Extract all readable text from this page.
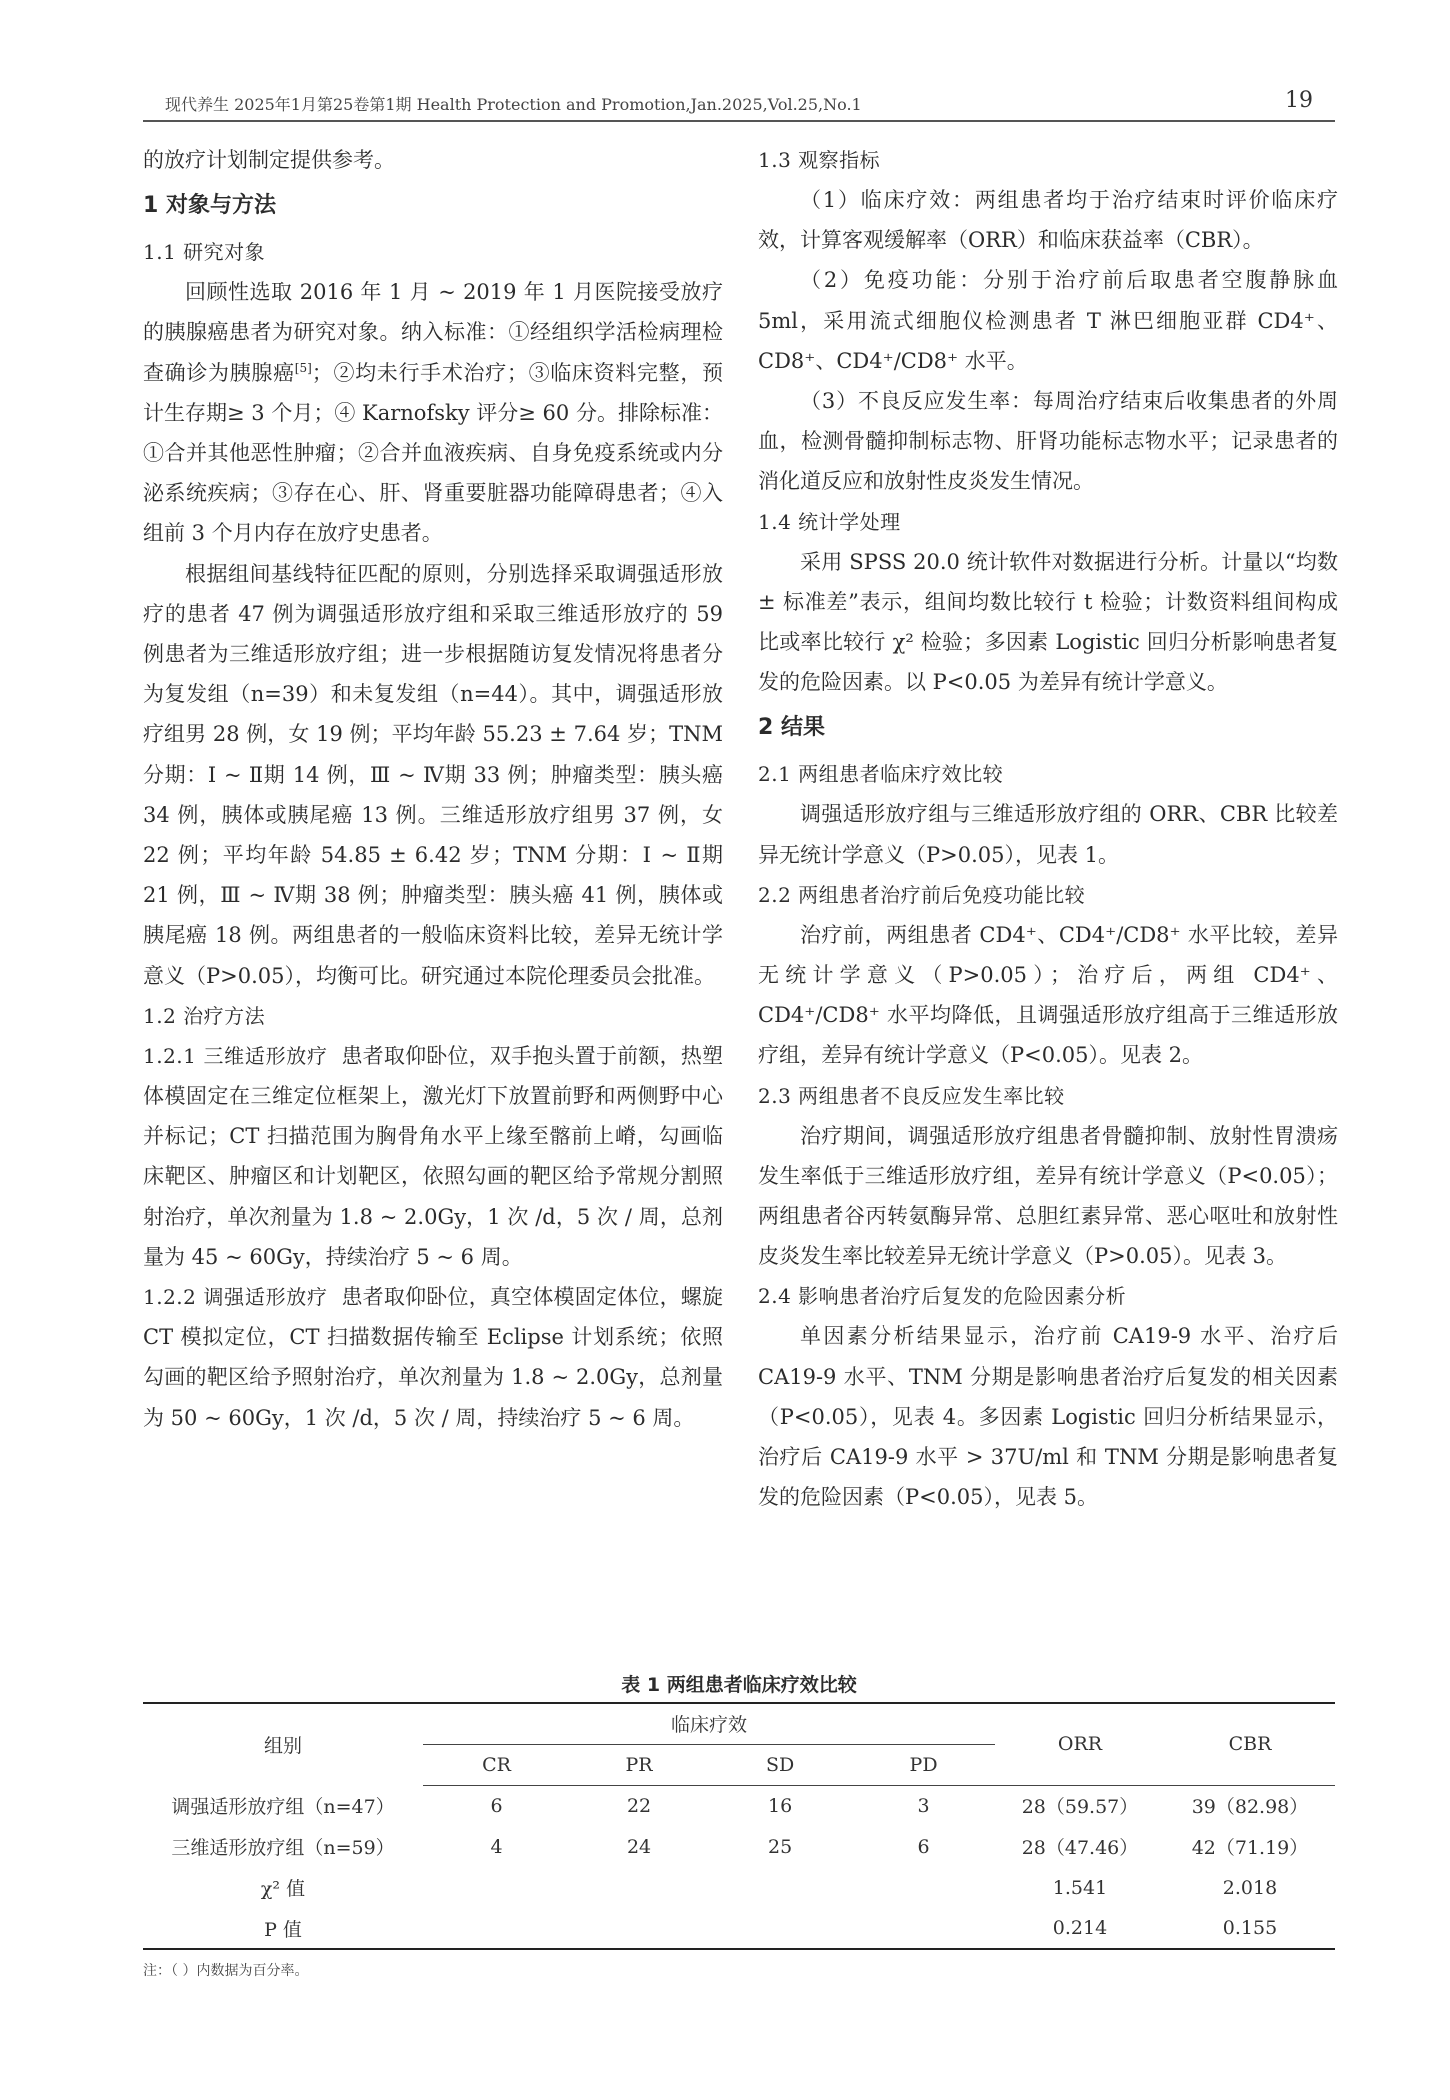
现代养生 2025年1月第25卷第1期 Health Protection and Promotion,Jan.2025,Vol.25,No.1	19

的放疗计划制定提供参考。

1 对象与方法
1.1 研究对象

回顾性选取 2016 年 1 月 ~ 2019 年 1 月医院接受放疗的胰腺癌患者为研究对象。纳入标准：①经组织学活检病理检查确诊为胰腺癌[5]；②均未行手术治疗；③临床资料完整，预计生存期≥ 3 个月；④ Karnofsky 评分≥ 60 分。排除标准：①合并其他恶性肿瘤；②合并血液疾病、自身免疫系统或内分泌系统疾病；③存在心、肝、肾重要脏器功能障碍患者；④入组前 3 个月内存在放疗史患者。

根据组间基线特征匹配的原则，分别选择采取调强适形放疗的患者 47 例为调强适形放疗组和采取三维适形放疗的 59 例患者为三维适形放疗组；进一步根据随访复发情况将患者分为复发组（n=39）和未复发组（n=44）。其中，调强适形放疗组男 28 例，女 19 例；平均年龄 55.23 ± 7.64 岁；TNM 分期：Ⅰ ~ Ⅱ期 14 例，Ⅲ ~ Ⅳ期 33 例；肿瘤类型：胰头癌 34 例，胰体或胰尾癌 13 例。三维适形放疗组男 37 例，女 22 例；平均年龄 54.85 ± 6.42 岁；TNM 分期：Ⅰ ~ Ⅱ期 21 例，Ⅲ ~ Ⅳ期 38 例；肿瘤类型：胰头癌 41 例，胰体或胰尾癌 18 例。两组患者的一般临床资料比较，差异无统计学意义（P>0.05），均衡可比。研究通过本院伦理委员会批准。

1.2 治疗方法

1.2.1 三维适形放疗 患者取仰卧位，双手抱头置于前额，热塑体模固定在三维定位框架上，激光灯下放置前野和两侧野中心并标记；CT 扫描范围为胸骨角水平上缘至髂前上嵴，勾画临床靶区、肿瘤区和计划靶区，依照勾画的靶区给予常规分割照射治疗，单次剂量为 1.8 ~ 2.0Gy，1 次 /d，5 次 / 周，总剂量为 45 ~ 60Gy，持续治疗 5 ~ 6 周。

1.2.2 调强适形放疗 患者取仰卧位，真空体模固定体位，螺旋 CT 模拟定位，CT 扫描数据传输至 Eclipse 计划系统；依照勾画的靶区给予照射治疗，单次剂量为 1.8 ~ 2.0Gy，总剂量为 50 ~ 60Gy，1 次 /d，5 次 / 周，持续治疗 5 ~ 6 周。

1.3 观察指标

（1）临床疗效：两组患者均于治疗结束时评价临床疗效，计算客观缓解率（ORR）和临床获益率（CBR）。

（2）免疫功能：分别于治疗前后取患者空腹静脉血 5ml，采用流式细胞仪检测患者 T 淋巴细胞亚群 CD4⁺、CD8⁺、CD4⁺/CD8⁺ 水平。

（3）不良反应发生率：每周治疗结束后收集患者的外周血，检测骨髓抑制标志物、肝肾功能标志物水平；记录患者的消化道反应和放射性皮炎发生情况。

1.4 统计学处理

采用 SPSS 20.0 统计软件对数据进行分析。计量以“均数 ± 标准差”表示，组间均数比较行 t 检验；计数资料组间构成比或率比较行 χ² 检验；多因素 Logistic 回归分析影响患者复发的危险因素。以 P<0.05 为差异有统计学意义。

2 结果
2.1 两组患者临床疗效比较

调强适形放疗组与三维适形放疗组的 ORR、CBR 比较差异无统计学意义（P>0.05），见表 1。

2.2 两组患者治疗前后免疫功能比较

治疗前，两组患者 CD4⁺、CD4⁺/CD8⁺ 水平比较，差异无统计学意义（P>0.05）；治疗后，两组 CD4⁺、CD4⁺/CD8⁺ 水平均降低，且调强适形放疗组高于三维适形放疗组，差异有统计学意义（P<0.05）。见表 2。

2.3 两组患者不良反应发生率比较

治疗期间，调强适形放疗组患者骨髓抑制、放射性胃溃疡发生率低于三维适形放疗组，差异有统计学意义（P<0.05）；两组患者谷丙转氨酶异常、总胆红素异常、恶心呕吐和放射性皮炎发生率比较差异无统计学意义（P>0.05）。见表 3。

2.4 影响患者治疗后复发的危险因素分析

单因素分析结果显示，治疗前 CA19-9 水平、治疗后 CA19-9 水平、TNM 分期是影响患者治疗后复发的相关因素（P<0.05），见表 4。多因素 Logistic 回归分析结果显示，治疗后 CA19-9 水平 > 37U/ml 和 TNM 分期是影响患者复发的危险因素（P<0.05），见表 5。

表 1 两组患者临床疗效比较
组别	临床疗效				ORR	CBR
	CR	PR	SD	PD		
调强适形放疗组（n=47）	6	22	16	3	28（59.57）	39（82.98）
三维适形放疗组（n=59）	4	24	25	6	28（47.46）	42（71.19）
χ² 值					1.541	2.018
P 值					0.214	0.155
注：（ ）内数据为百分率。
